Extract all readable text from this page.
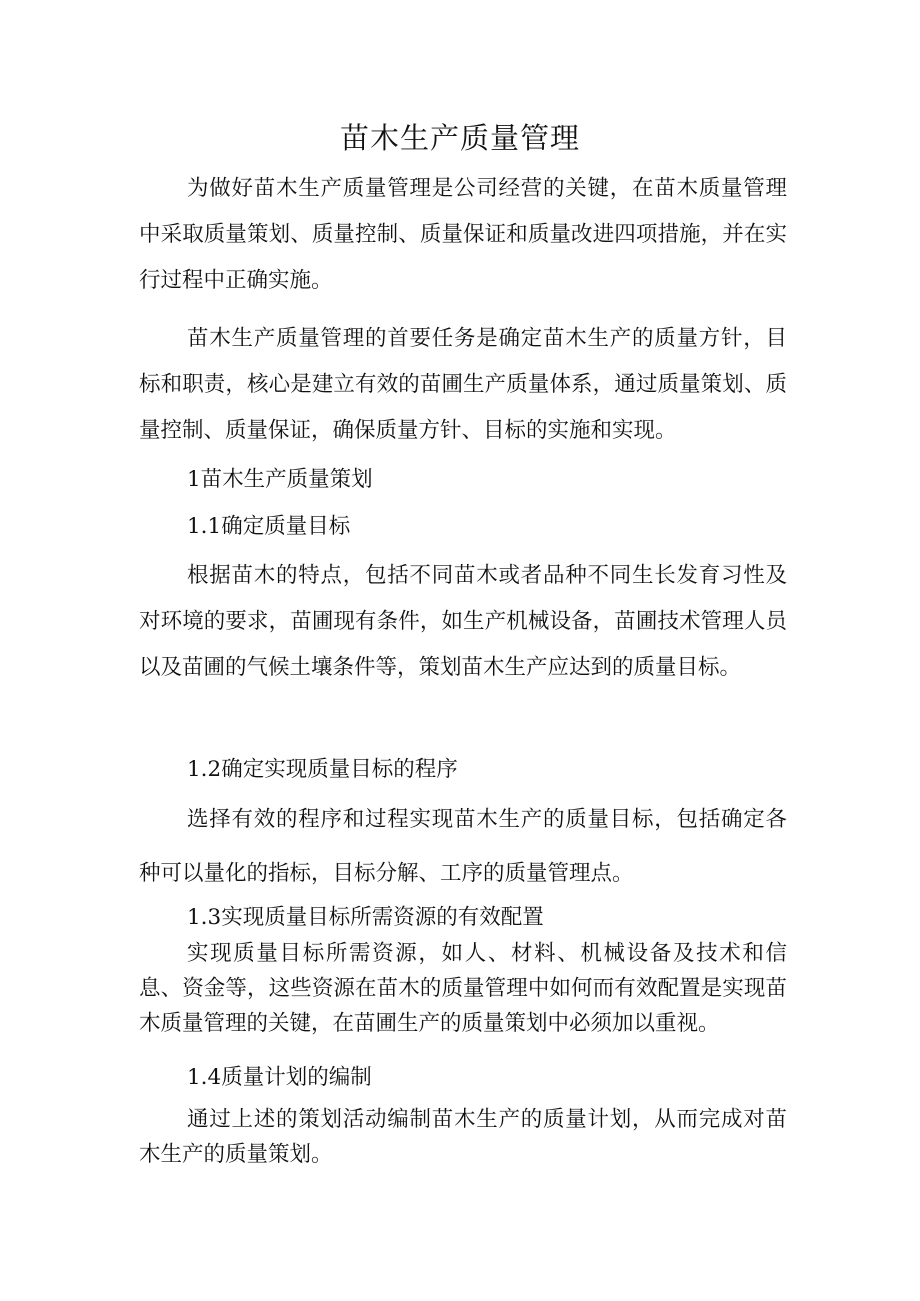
苗木生产质量管理

为做好苗木生产质量管理是公司经营的关键，在苗木质量管理中采取质量策划、质量控制、质量保证和质量改进四项措施，并在实行过程中正确实施。

苗木生产质量管理的首要任务是确定苗木生产的质量方针，目标和职责，核心是建立有效的苗圃生产质量体系，通过质量策划、质量控制、质量保证，确保质量方针、目标的实施和实现。

1苗木生产质量策划

1.1确定质量目标

根据苗木的特点，包括不同苗木或者品种不同生长发育习性及对环境的要求，苗圃现有条件，如生产机械设备，苗圃技术管理人员以及苗圃的气候土壤条件等，策划苗木生产应达到的质量目标。

1.2确定实现质量目标的程序

选择有效的程序和过程实现苗木生产的质量目标，包括确定各种可以量化的指标，目标分解、工序的质量管理点。

1.3实现质量目标所需资源的有效配置

实现质量目标所需资源，如人、材料、机械设备及技术和信息、资金等，这些资源在苗木的质量管理中如何而有效配置是实现苗木质量管理的关键，在苗圃生产的质量策划中必须加以重视。

1.4质量计划的编制

通过上述的策划活动编制苗木生产的质量计划，从而完成对苗木生产的质量策划。
